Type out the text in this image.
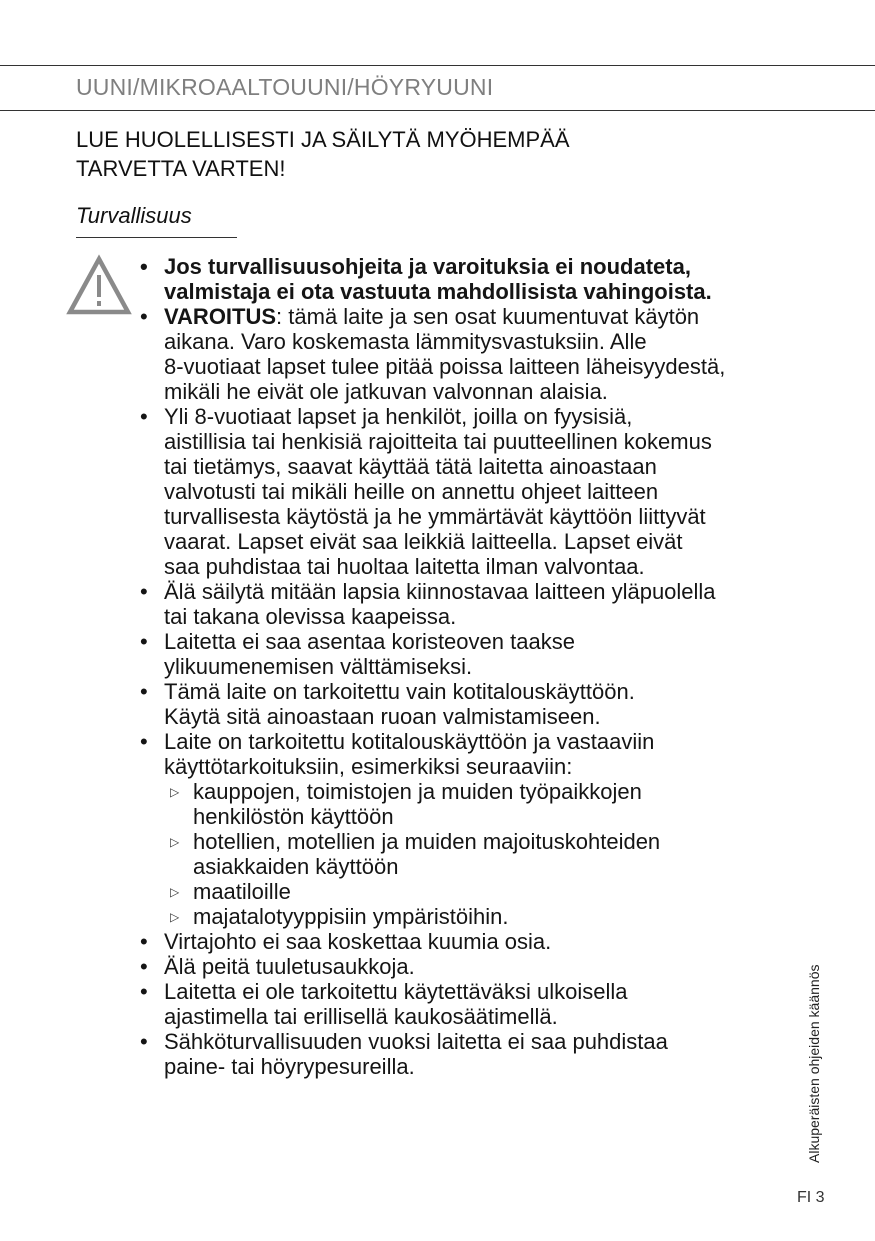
UUNI/MIKROAALTOUUNI/HÖYRYUUNI
LUE HUOLELLISESTI JA SÄILYTÄ MYÖHEMPÄÄ
TARVETTA VARTEN!
Turvallisuus
• Jos turvallisuusohjeita ja varoituksia ei noudateta,
valmistaja ei ota vastuuta mahdollisista vahingoista.
• VAROITUS: tämä laite ja sen osat kuumentuvat käytön
aikana. Varo koskemasta lämmitysvastuksiin. Alle
8-vuotiaat lapset tulee pitää poissa laitteen läheisyydestä,
mikäli he eivät ole jatkuvan valvonnan alaisia.
• Yli 8-vuotiaat lapset ja henkilöt, joilla on fyysisiä,
aistillisia tai henkisiä rajoitteita tai puutteellinen kokemus
tai tietämys, saavat käyttää tätä laitetta ainoastaan
valvotusti tai mikäli heille on annettu ohjeet laitteen
turvallisesta käytöstä ja he ymmärtävät käyttöön liittyvät
vaarat. Lapset eivät saa leikkiä laitteella. Lapset eivät
saa puhdistaa tai huoltaa laitetta ilman valvontaa.
• Älä säilytä mitään lapsia kiinnostavaa laitteen yläpuolella
tai takana olevissa kaapeissa.
• Laitetta ei saa asentaa koristeoven taakse
ylikuumenemisen välttämiseksi.
• Tämä laite on tarkoitettu vain kotitalouskäyttöön.
Käytä sitä ainoastaan ruoan valmistamiseen.
• Laite on tarkoitettu kotitalouskäyttöön ja vastaaviin
käyttötarkoituksiin, esimerkiksi seuraaviin:
▷ kauppojen, toimistojen ja muiden työpaikkojen
henkilöstön käyttöön
▷ hotellien, motellien ja muiden majoituskohteiden
asiakkaiden käyttöön
▷ maatiloille
▷ majatalotyyppisiin ympäristöihin.
• Virtajohto ei saa koskettaa kuumia osia.
• Älä peitä tuuletusaukkoja.
• Laitetta ei ole tarkoitettu käytettäväksi ulkoisella
ajastimella tai erillisellä kaukosäätimellä.
• Sähköturvallisuuden vuoksi laitetta ei saa puhdistaa
paine- tai höyrypesureilla.	Alkuperäisten ohjeiden käännös
FI 3
